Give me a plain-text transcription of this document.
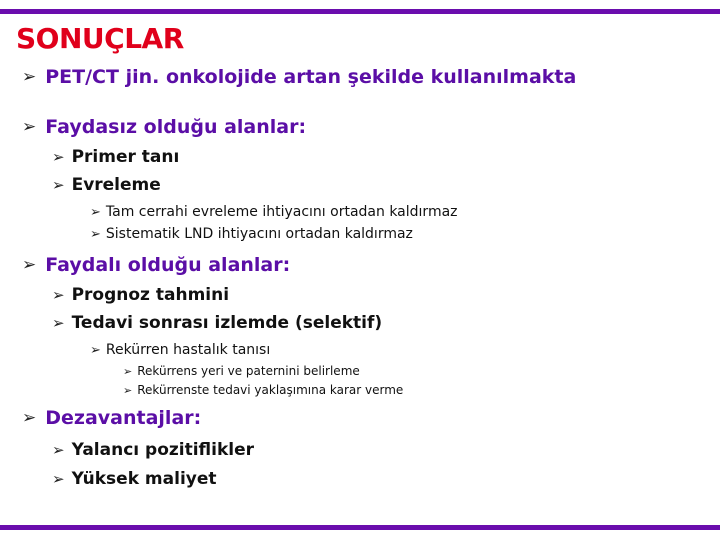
SONUÇLAR
➢ PET/CT jin. onkolojide artan şekilde kullanılmakta
➢ Faydasız olduğu alanlar:
➢ Primer tanı
➢ Evreleme
➢ Tam cerrahi evreleme ihtiyacını ortadan kaldırmaz
➢ Sistematik LND ihtiyacını ortadan kaldırmaz
➢ Faydalı olduğu alanlar:
➢ Prognoz tahmini
➢ Tedavi sonrası izlemde (selektif)
➢ Rekürren hastalık tanısı
➢ Rekürrens yeri ve paternini belirleme
➢ Rekürrenste tedavi yaklaşımına karar verme
➢ Dezavantajlar:
➢ Yalancı pozitiflikler
➢ Yüksek maliyet
